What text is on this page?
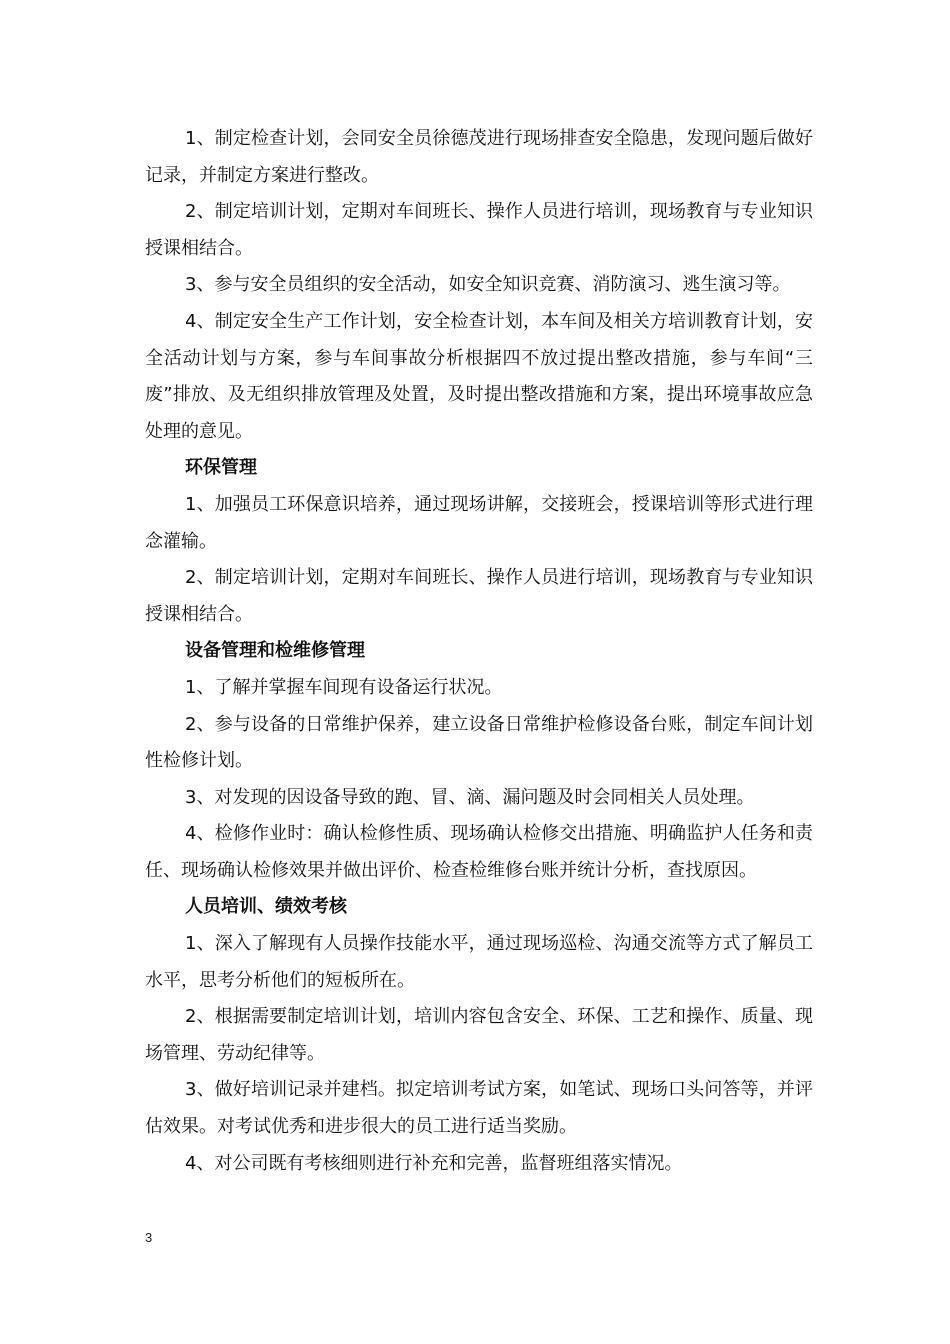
1、制定检查计划，会同安全员徐德茂进行现场排查安全隐患，发现问题后做好记录，并制定方案进行整改。

2、制定培训计划，定期对车间班长、操作人员进行培训，现场教育与专业知识授课相结合。

3、参与安全员组织的安全活动，如安全知识竞赛、消防演习、逃生演习等。

4、制定安全生产工作计划，安全检查计划，本车间及相关方培训教育计划，安全活动计划与方案，参与车间事故分析根据四不放过提出整改措施，参与车间“三废”排放、及无组织排放管理及处置，及时提出整改措施和方案，提出环境事故应急处理的意见。

环保管理

1、加强员工环保意识培养，通过现场讲解，交接班会，授课培训等形式进行理念灌输。

2、制定培训计划，定期对车间班长、操作人员进行培训，现场教育与专业知识授课相结合。

设备管理和检维修管理

1、了解并掌握车间现有设备运行状况。

2、参与设备的日常维护保养，建立设备日常维护检修设备台账，制定车间计划性检修计划。

3、对发现的因设备导致的跑、冒、滴、漏问题及时会同相关人员处理。

4、检修作业时：确认检修性质、现场确认检修交出措施、明确监护人任务和责任、现场确认检修效果并做出评价、检查检维修台账并统计分析，查找原因。

人员培训、绩效考核

1、深入了解现有人员操作技能水平，通过现场巡检、沟通交流等方式了解员工水平，思考分析他们的短板所在。

2、根据需要制定培训计划，培训内容包含安全、环保、工艺和操作、质量、现场管理、劳动纪律等。

3、做好培训记录并建档。拟定培训考试方案，如笔试、现场口头问答等，并评估效果。对考试优秀和进步很大的员工进行适当奖励。

4、对公司既有考核细则进行补充和完善，监督班组落实情况。

3
